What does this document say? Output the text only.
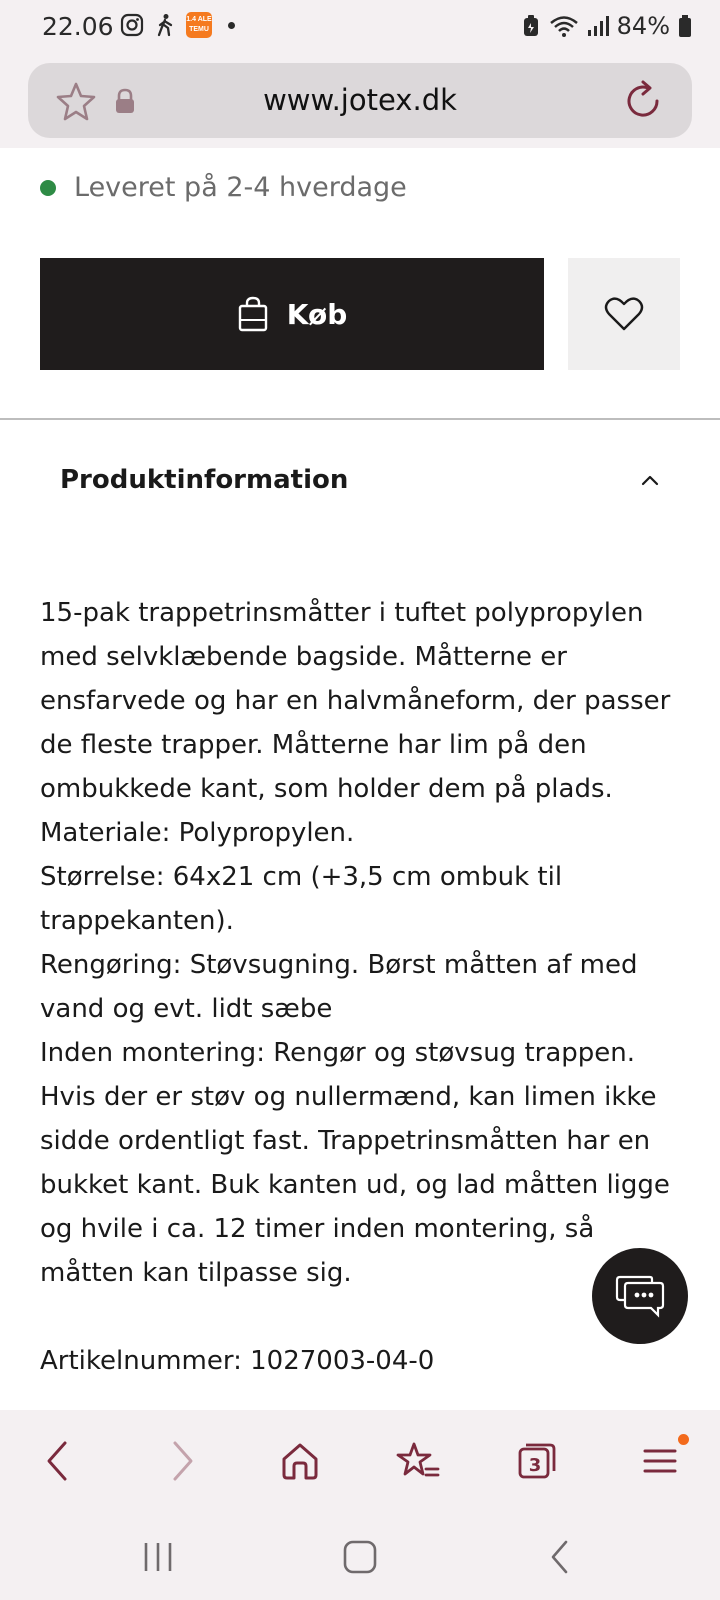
22.06	1.4 ALE
TEMU	84%
www.jotex.dk
Leveret på 2-4 hverdage
Køb
Produktinformation

15-pak trappetrinsmåtter i tuftet polypropylen med selvklæbende bagside. Måtterne er ensfarvede og har en halvmåneform, der passer de fleste trapper. Måtterne har lim på den ombukkede kant, som holder dem på plads.

Materiale: Polypropylen.

Størrelse: 64x21 cm (+3,5 cm ombuk til trappekanten).

Rengøring: Støvsugning. Børst måtten af med vand og evt. lidt sæbe

Inden montering: Rengør og støvsug trappen. Hvis der er støv og nullermænd, kan limen ikke sidde ordentligt fast. Trappetrinsmåtten har en bukket kant. Buk kanten ud, og lad måtten ligge og hvile i ca. 12 timer inden montering, så måtten kan tilpasse sig.

Artikelnummer: 1027003-04-0
3
